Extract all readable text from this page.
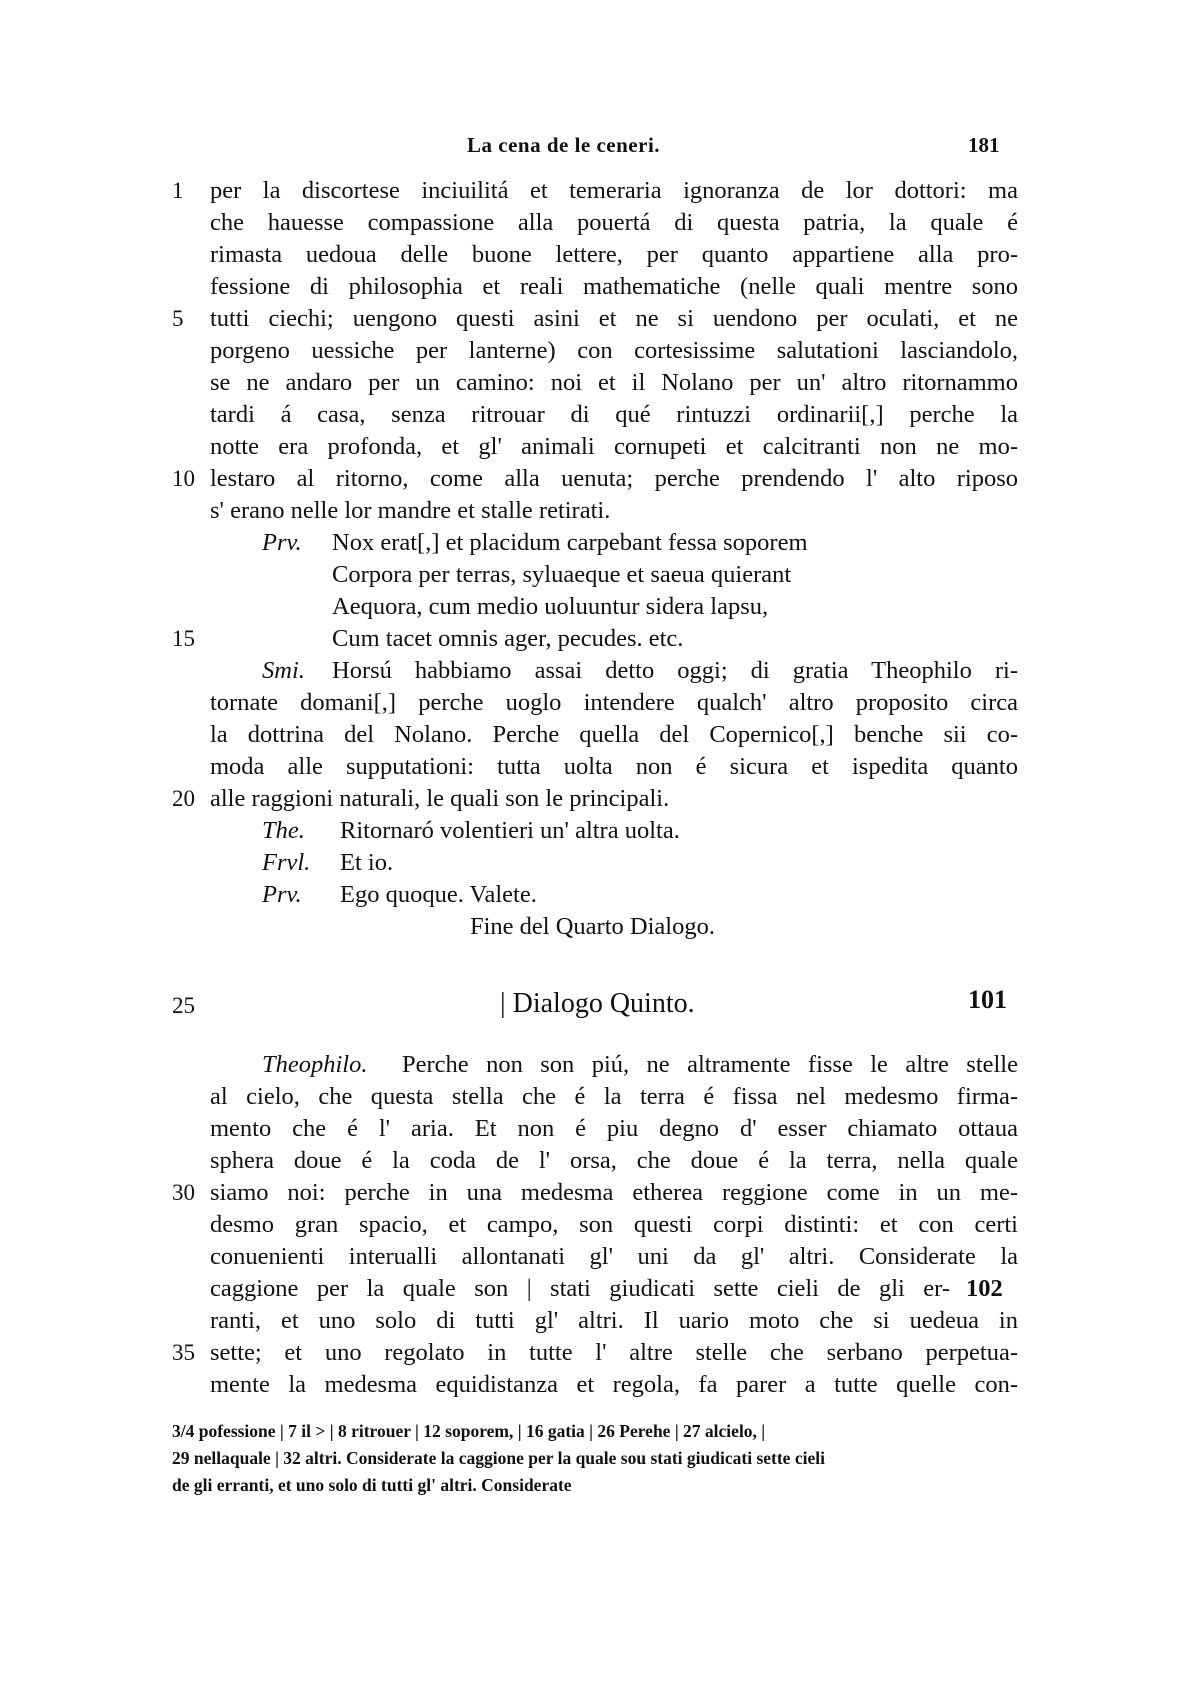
La cena de le ceneri.	181
1	per la discortese inciuilitá et temeraria ignoranza de lor dottori: ma
che hauesse compassione alla pouertá di questa patria, la quale é
rimasta uedoua delle buone lettere, per quanto appartiene alla pro-
fessione di philosophia et reali mathematiche (nelle quali mentre sono
5	tutti ciechi; uengono questi asini et ne si uendono per oculati, et ne
porgeno uessiche per lanterne) con cortesissime salutationi lasciandolo,
se ne andaro per un camino: noi et il Nolano per un' altro ritornammo
tardi á casa, senza ritrouar di qué rintuzzi ordinarii[,] perche la
notte era profonda, et gl' animali cornupeti et calcitranti non ne mo-
10 lestaro al ritorno, come alla uenuta; perche prendendo l' alto riposo
s' erano nelle lor mandre et stalle retirati.
Prv. Nox erat[,] et placidum carpebant fessa soporem
Corpora per terras, syluaeque et saeua quierant
Aequora, cum medio uoluuntur sidera lapsu,
15	Cum tacet omnis ager, pecudes. etc.
Smi. Horsú habbiamo assai detto oggi; di gratia Theophilo ri-
tornate domani[,] perche uoglo intendere qualch' altro proposito circa
la dottrina del Nolano. Perche quella del Copernico[,] benche sii co-
moda alle supputationi: tutta uolta non é sicura et ispedita quanto
20 alle raggioni naturali, le quali son le principali.
The. Ritornaró volentieri un' altra uolta.
Frvl. Et io.
Prv. Ego quoque. Valete.
Fine del Quarto Dialogo.
25	| Dialogo Quinto.	101
Theophilo. Perche non son piú, ne altramente fisse le altre stelle
al cielo, che questa stella che é la terra é fissa nel medesmo firma-
mento che é l' aria. Et non é piu degno d' esser chiamato ottaua
sphera doue é la coda de l' orsa, che doue é la terra, nella quale
30 siamo noi: perche in una medesma etherea reggione come in un me-
desmo gran spacio, et campo, son questi corpi distinti: et con certi
conuenienti interualli allontanati gl' uni da gl' altri. Considerate la
caggione per la quale son | stati giudicati sette cieli de gli er- 102
ranti, et uno solo di tutti gl' altri. Il uario moto che si uedeua in
35 sette; et uno regolato in tutte l' altre stelle che serbano perpetua-
mente la medesma equidistanza et regola, fa parer a tutte quelle con-
3/4 pofessione | 7 il > | 8 ritrouer | 12 soporem, | 16 gatia | 26 Perehe | 27 alcielo, |
29 nellaquale | 32 altri. Considerate la caggione per la quale sou stati giudicati sette cieli
de gli erranti, et uno solo di tutti gl' altri. Considerate
